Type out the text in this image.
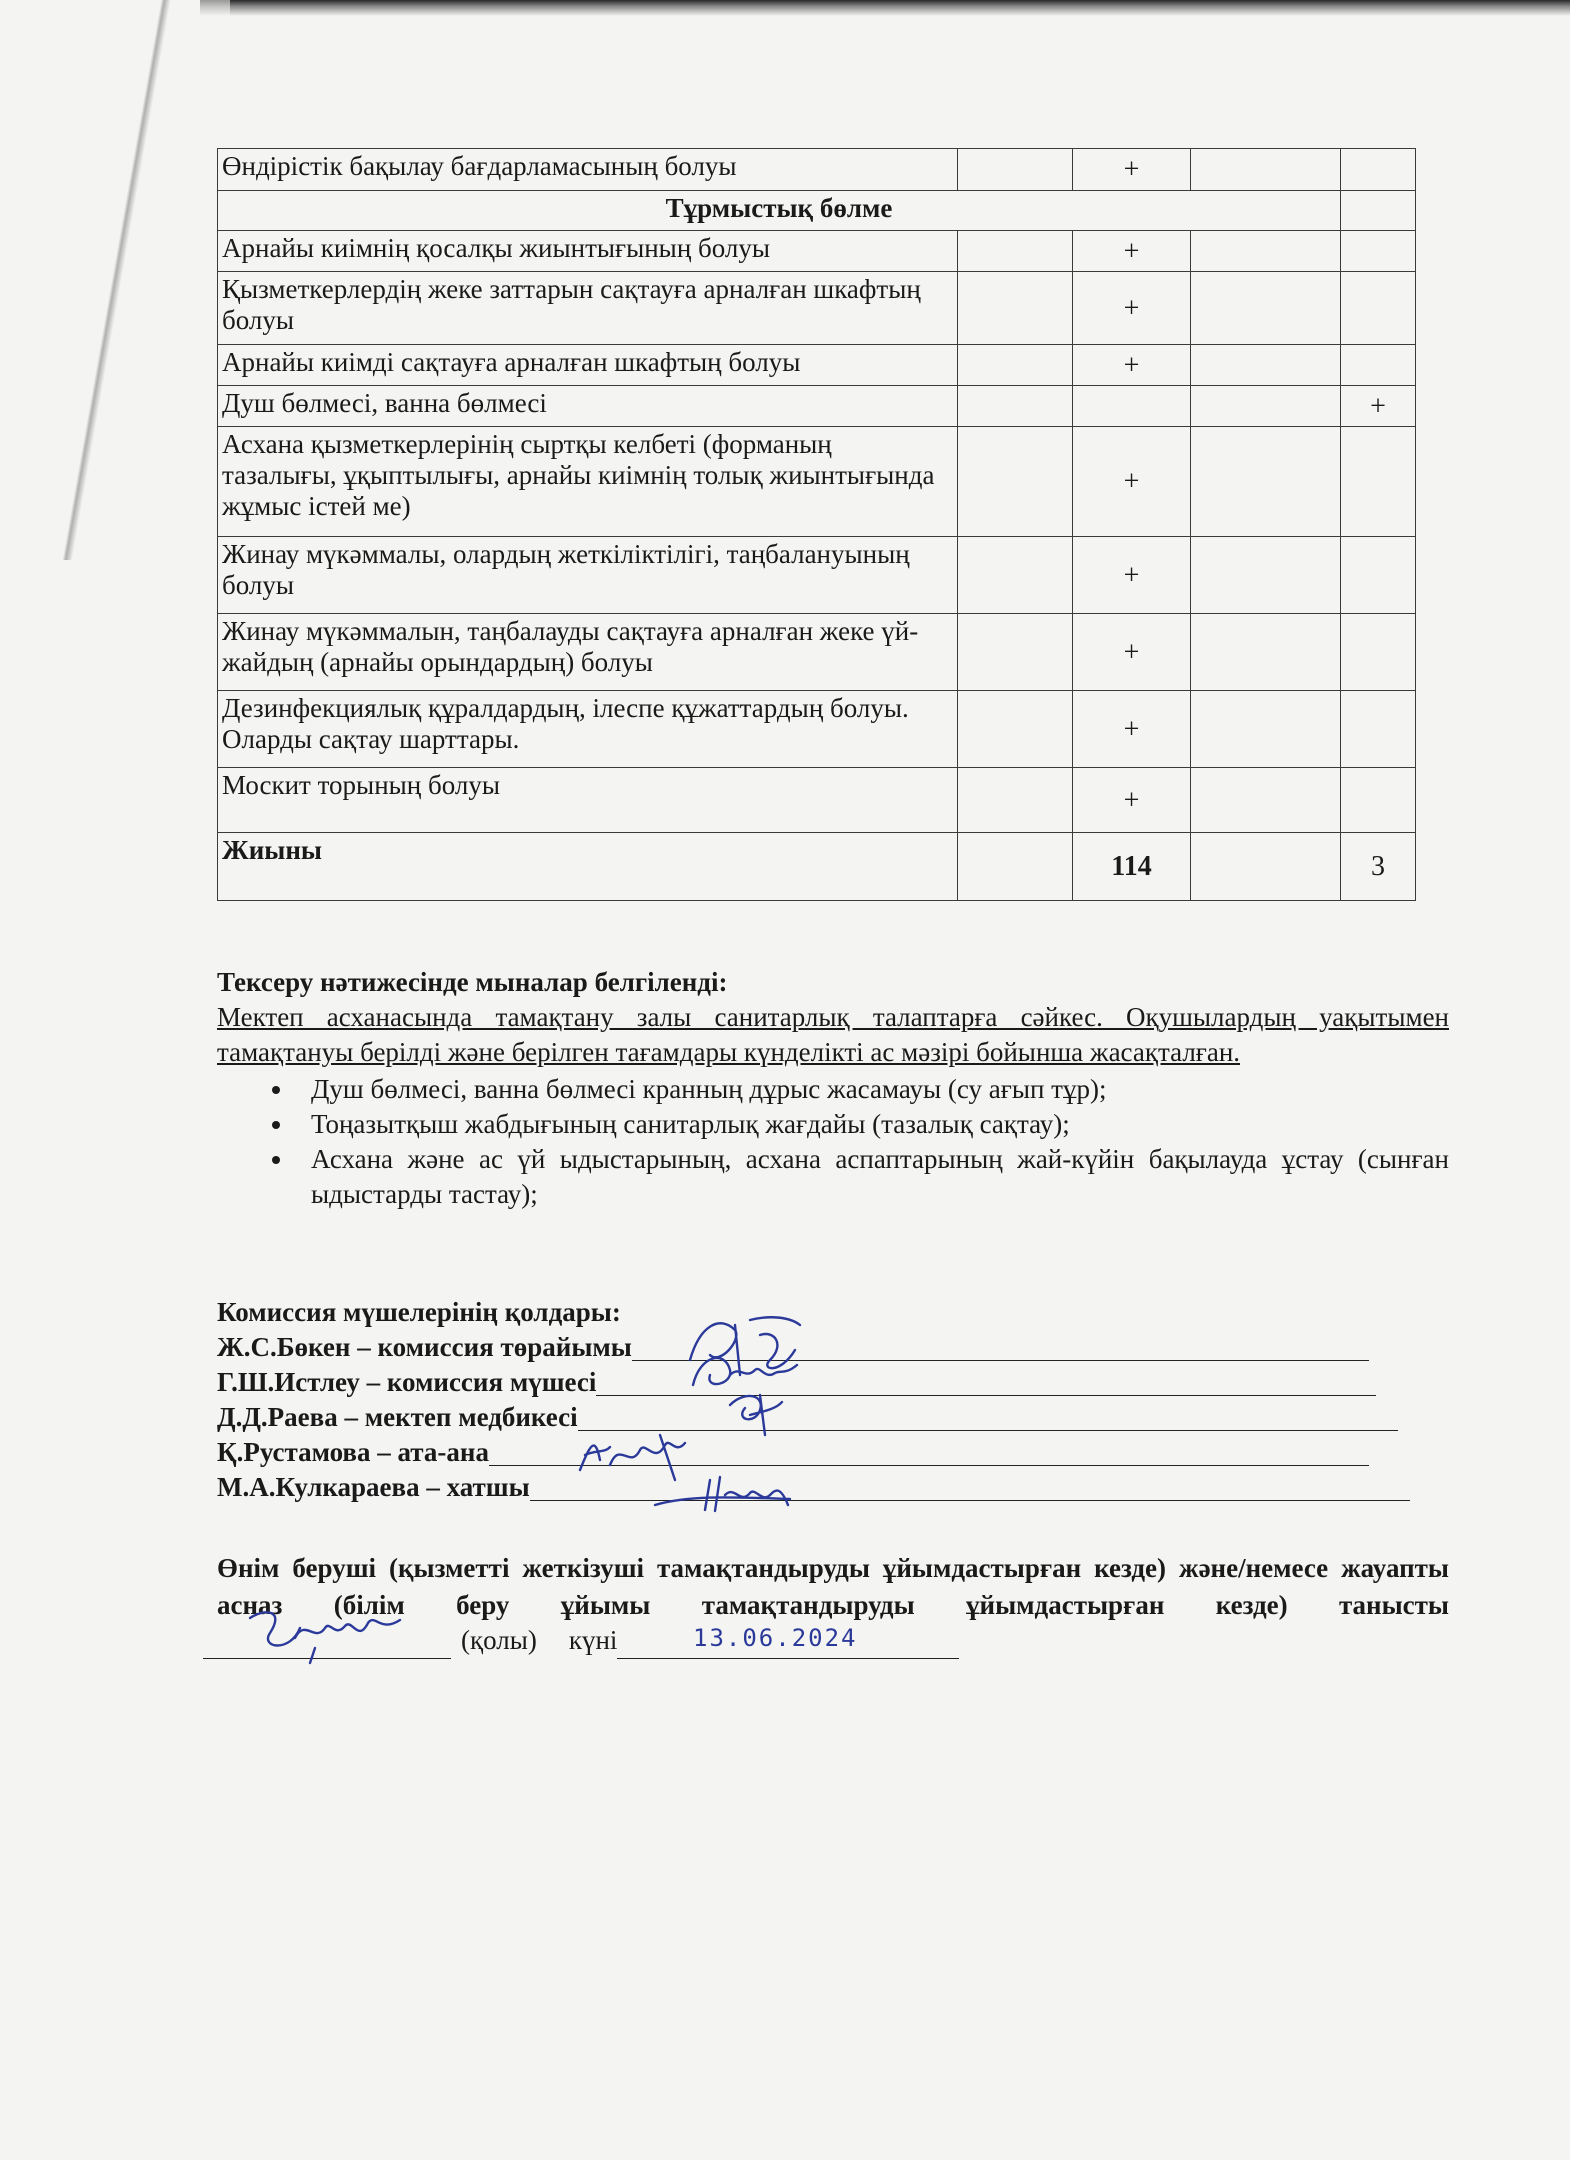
Өндірістік бақылау бағдарламасының болуы		+		
Тұрмыстық бөлме				
Арнайы киімнің қосалқы жиынтығының болуы		+		
Қызметкерлердің жеке заттарын сақтауға арналған шкафтың болуы		+		
Арнайы киімді сақтауға арналған шкафтың болуы		+		
Душ бөлмесі, ванна бөлмесі				+
Асхана қызметкерлерінің сыртқы келбеті (форманың тазалығы, ұқыптылығы, арнайы киімнің толық жиынтығында жұмыс істей ме)		+		
Жинау мүкәммалы, олардың жеткіліктілігі, таңбалануының болуы		+		
Жинау мүкәммалын, таңбалауды сақтауға арналған жеке үй-жайдың (арнайы орындардың) болуы		+		
Дезинфекциялық құралдардың, ілеспе құжаттардың болуы. Оларды сақтау шарттары.		+		
Москит торының болуы		+		
Жиыны		114		3
Тексеру нәтижесінде мыналар белгіленді:
Мектеп асханасында тамақтану залы санитарлық талаптарға сәйкес. Оқушылардың уақытымен тамақтануы берілді және берілген тағамдары күнделікті ас мәзірі бойынша жасақталған.
• Душ бөлмесі, ванна бөлмесі кранның дұрыс жасамауы (су ағып тұр);
• Тоңазытқыш жабдығының санитарлық жағдайы (тазалық сақтау);
• Асхана және ас үй ыдыстарының, асхана аспаптарының жай-күйін бақылауда ұстау (сынған ыдыстарды тастау);
Комиссия мүшелерінің қолдары:
Ж.С.Бөкен – комиссия төрайымы
Г.Ш.Истлеу – комиссия мүшесі
Д.Д.Раева – мектеп медбикесі
Қ.Рустамова – ата-ана
М.А.Кулкараева – хатшы
Өнім беруші (қызметті жеткізуші тамақтандыруды ұйымдастырған кезде) және/немесе жауапты асназ (білім беру ұйымы тамақтандыруды ұйымдастырған кезде) танысты
(қолы) күні	13.06.2024
